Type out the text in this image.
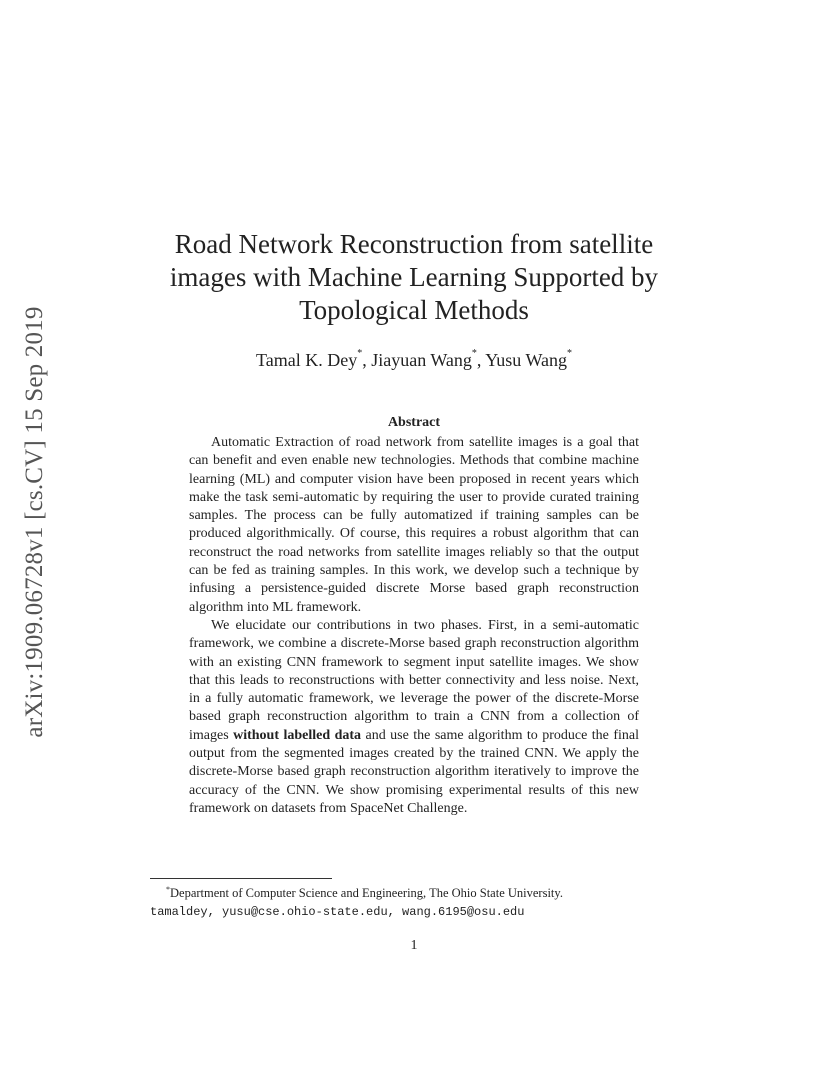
arXiv:1909.06728v1 [cs.CV] 15 Sep 2019
Road Network Reconstruction from satellite
images with Machine Learning Supported by
Topological Methods
Tamal K. Dey*, Jiayuan Wang*, Yusu Wang*
Abstract

Automatic Extraction of road network from satellite images is a goal that can benefit and even enable new technologies. Methods that combine machine learning (ML) and computer vision have been proposed in recent years which make the task semi-automatic by requiring the user to provide curated training samples. The process can be fully automatized if training samples can be produced algorithmically. Of course, this requires a robust algorithm that can reconstruct the road networks from satellite images reliably so that the output can be fed as training samples. In this work, we develop such a technique by infusing a persistence-guided discrete Morse based graph reconstruction algorithm into ML framework.

We elucidate our contributions in two phases. First, in a semi-automatic framework, we combine a discrete-Morse based graph reconstruction algorithm with an existing CNN framework to segment input satellite images. We show that this leads to reconstructions with better connectivity and less noise. Next, in a fully automatic framework, we leverage the power of the discrete-Morse based graph reconstruction algorithm to train a CNN from a collection of images without labelled data and use the same algorithm to produce the final output from the segmented images created by the trained CNN. We apply the discrete-Morse based graph reconstruction algorithm iteratively to improve the accuracy of the CNN. We show promising experimental results of this new framework on datasets from SpaceNet Challenge.

*Department of Computer Science and Engineering, The Ohio State University.
tamaldey, yusu@cse.ohio-state.edu, wang.6195@osu.edu
1
